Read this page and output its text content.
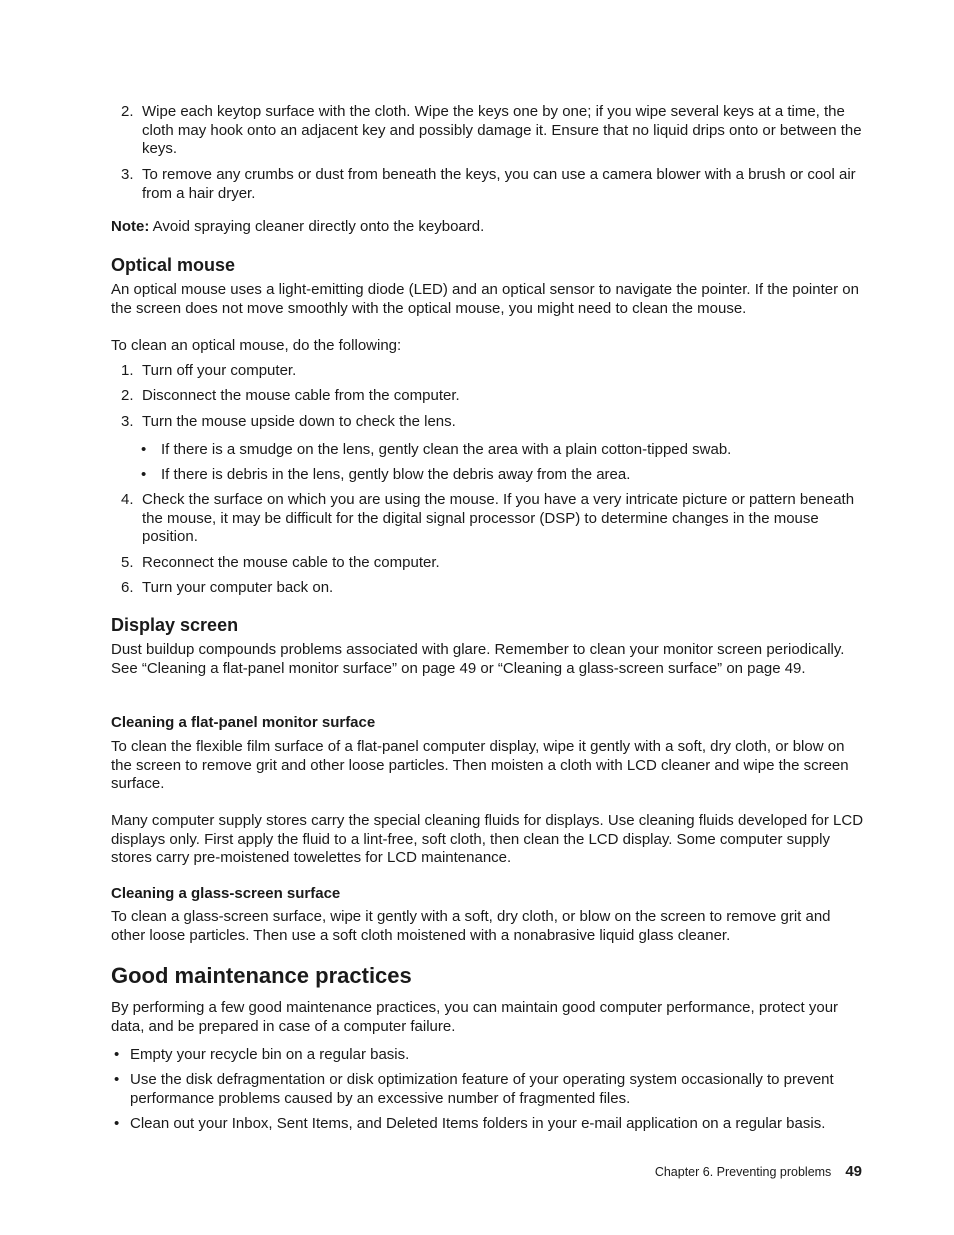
2. Wipe each keytop surface with the cloth. Wipe the keys one by one; if you wipe several keys at a time, the cloth may hook onto an adjacent key and possibly damage it. Ensure that no liquid drips onto or between the keys.
3. To remove any crumbs or dust from beneath the keys, you can use a camera blower with a brush or cool air from a hair dryer.

Note: Avoid spraying cleaner directly onto the keyboard.

Optical mouse

An optical mouse uses a light-emitting diode (LED) and an optical sensor to navigate the pointer. If the pointer on the screen does not move smoothly with the optical mouse, you might need to clean the mouse.

To clean an optical mouse, do the following:

1. Turn off your computer.
2. Disconnect the mouse cable from the computer.
3. Turn the mouse upside down to check the lens.
• If there is a smudge on the lens, gently clean the area with a plain cotton-tipped swab.
• If there is debris in the lens, gently blow the debris away from the area.
4. Check the surface on which you are using the mouse. If you have a very intricate picture or pattern beneath the mouse, it may be difficult for the digital signal processor (DSP) to determine changes in the mouse position.
5. Reconnect the mouse cable to the computer.
6. Turn your computer back on.
Display screen

Dust buildup compounds problems associated with glare. Remember to clean your monitor screen periodically. See “Cleaning a flat-panel monitor surface” on page 49 or “Cleaning a glass-screen surface” on page 49.

Cleaning a flat-panel monitor surface

To clean the flexible film surface of a flat-panel computer display, wipe it gently with a soft, dry cloth, or blow on the screen to remove grit and other loose particles. Then moisten a cloth with LCD cleaner and wipe the screen surface.

Many computer supply stores carry the special cleaning fluids for displays. Use cleaning fluids developed for LCD displays only. First apply the fluid to a lint-free, soft cloth, then clean the LCD display. Some computer supply stores carry pre-moistened towelettes for LCD maintenance.

Cleaning a glass-screen surface

To clean a glass-screen surface, wipe it gently with a soft, dry cloth, or blow on the screen to remove grit and other loose particles. Then use a soft cloth moistened with a nonabrasive liquid glass cleaner.

Good maintenance practices

By performing a few good maintenance practices, you can maintain good computer performance, protect your data, and be prepared in case of a computer failure.

• Empty your recycle bin on a regular basis.
• Use the disk defragmentation or disk optimization feature of your operating system occasionally to prevent performance problems caused by an excessive number of fragmented files.
• Clean out your Inbox, Sent Items, and Deleted Items folders in your e-mail application on a regular basis.
Chapter 6. Preventing problems 49
